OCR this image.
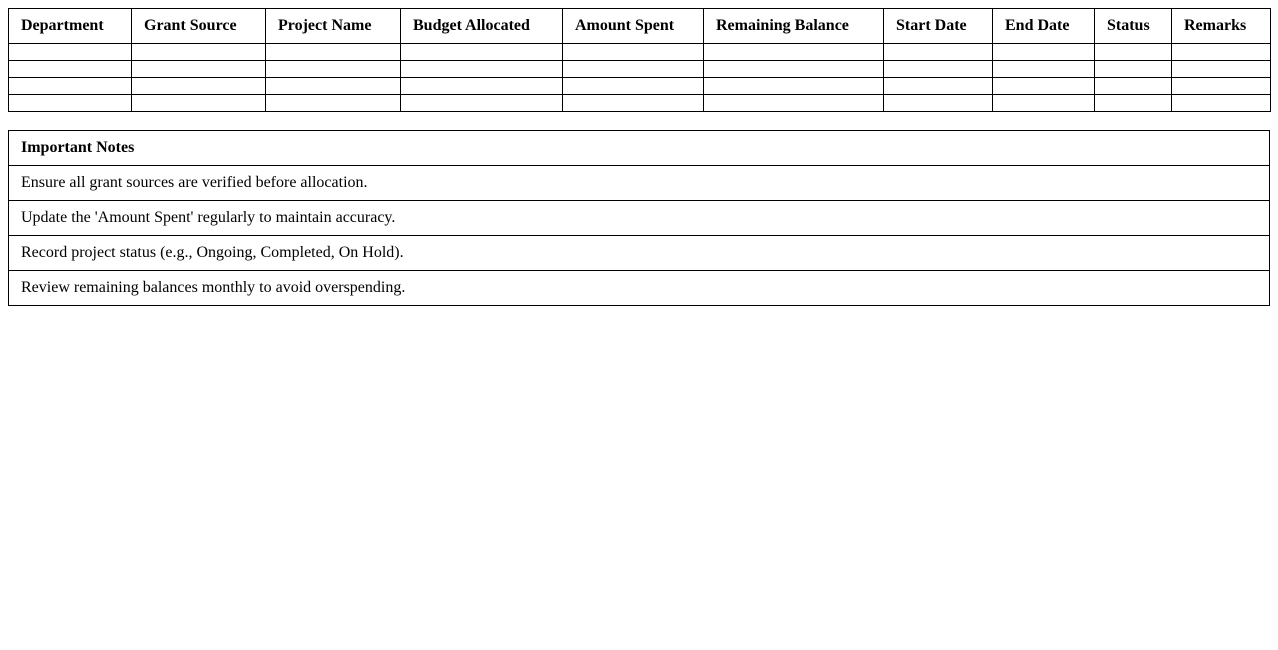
Department	Grant Source	Project Name	Budget Allocated	Amount Spent	Remaining Balance	Start Date	End Date	Status	Remarks

Important Notes
Ensure all grant sources are verified before allocation.
Update the 'Amount Spent' regularly to maintain accuracy.
Record project status (e.g., Ongoing, Completed, On Hold).
Review remaining balances monthly to avoid overspending.
